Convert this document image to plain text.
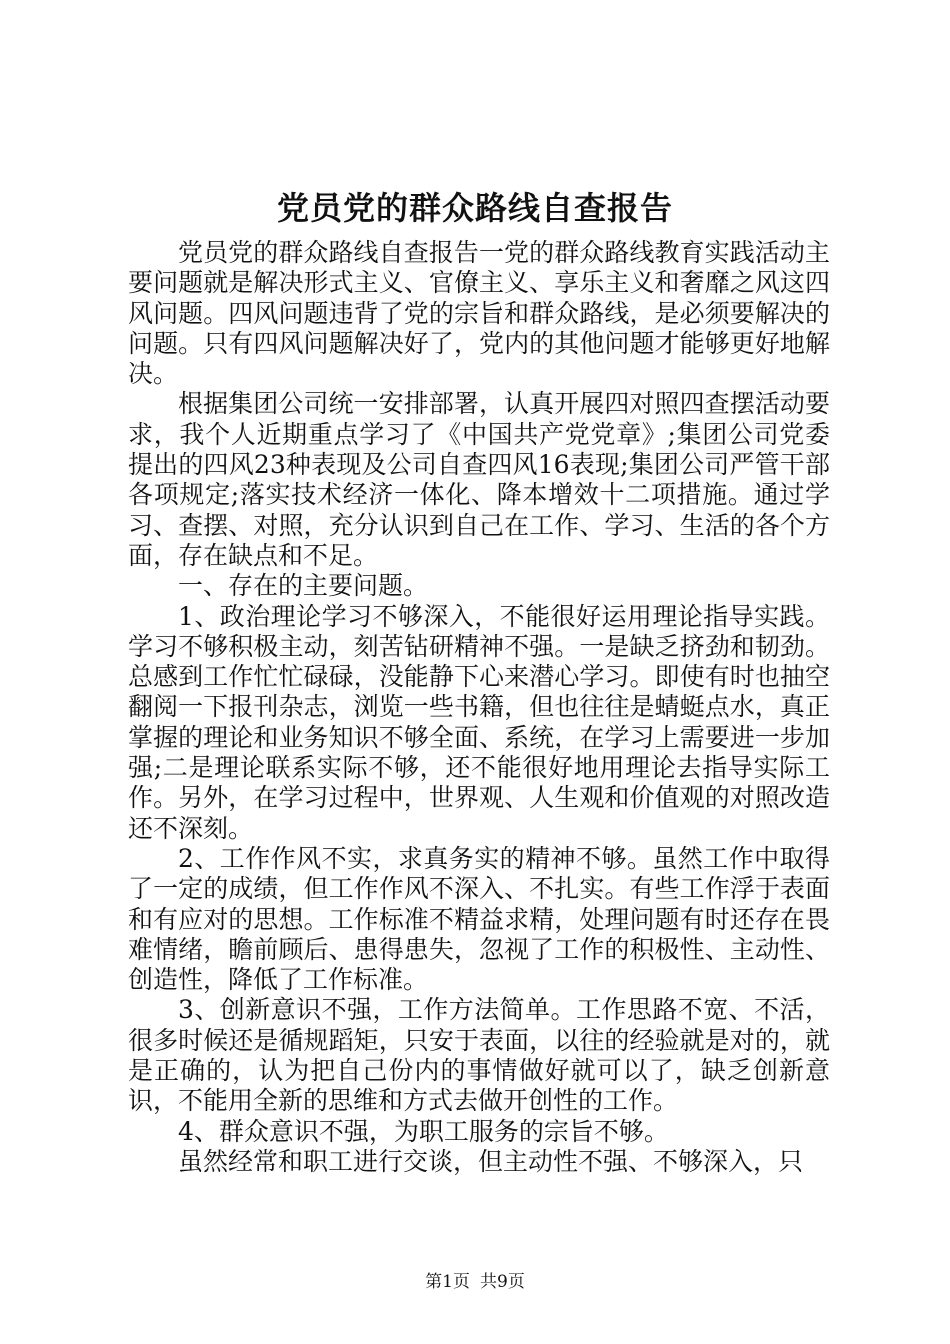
党员党的群众路线自查报告

党员党的群众路线自查报告一党的群众路线教育实践活动主要问题就是解决形式主义、官僚主义、享乐主义和奢靡之风这四风问题。四风问题违背了党的宗旨和群众路线，是必须要解决的问题。只有四风问题解决好了，党内的其他问题才能够更好地解决。

根据集团公司统一安排部署，认真开展四对照四查摆活动要求，我个人近期重点学习了《中国共产党党章》;集团公司党委提出的四风23种表现及公司自查四风16表现;集团公司严管干部各项规定;落实技术经济一体化、降本增效十二项措施。通过学习、查摆、对照，充分认识到自己在工作、学习、生活的各个方面，存在缺点和不足。

一、存在的主要问题。

1、政治理论学习不够深入，不能很好运用理论指导实践。学习不够积极主动，刻苦钻研精神不强。一是缺乏挤劲和韧劲。总感到工作忙忙碌碌，没能静下心来潜心学习。即使有时也抽空翻阅一下报刊杂志，浏览一些书籍，但也往往是蜻蜓点水，真正掌握的理论和业务知识不够全面、系统，在学习上需要进一步加强;二是理论联系实际不够，还不能很好地用理论去指导实际工作。另外，在学习过程中，世界观、人生观和价值观的对照改造还不深刻。

2、工作作风不实，求真务实的精神不够。虽然工作中取得了一定的成绩，但工作作风不深入、不扎实。有些工作浮于表面和有应对的思想。工作标准不精益求精，处理问题有时还存在畏难情绪，瞻前顾后、患得患失，忽视了工作的积极性、主动性、创造性，降低了工作标准。

3、创新意识不强，工作方法简单。工作思路不宽、不活，很多时候还是循规蹈矩，只安于表面，以往的经验就是对的，就是正确的，认为把自己份内的事情做好就可以了，缺乏创新意识，不能用全新的思维和方式去做开创性的工作。

4、群众意识不强，为职工服务的宗旨不够。

虽然经常和职工进行交谈，但主动性不强、不够深入，只

第1页 共9页
